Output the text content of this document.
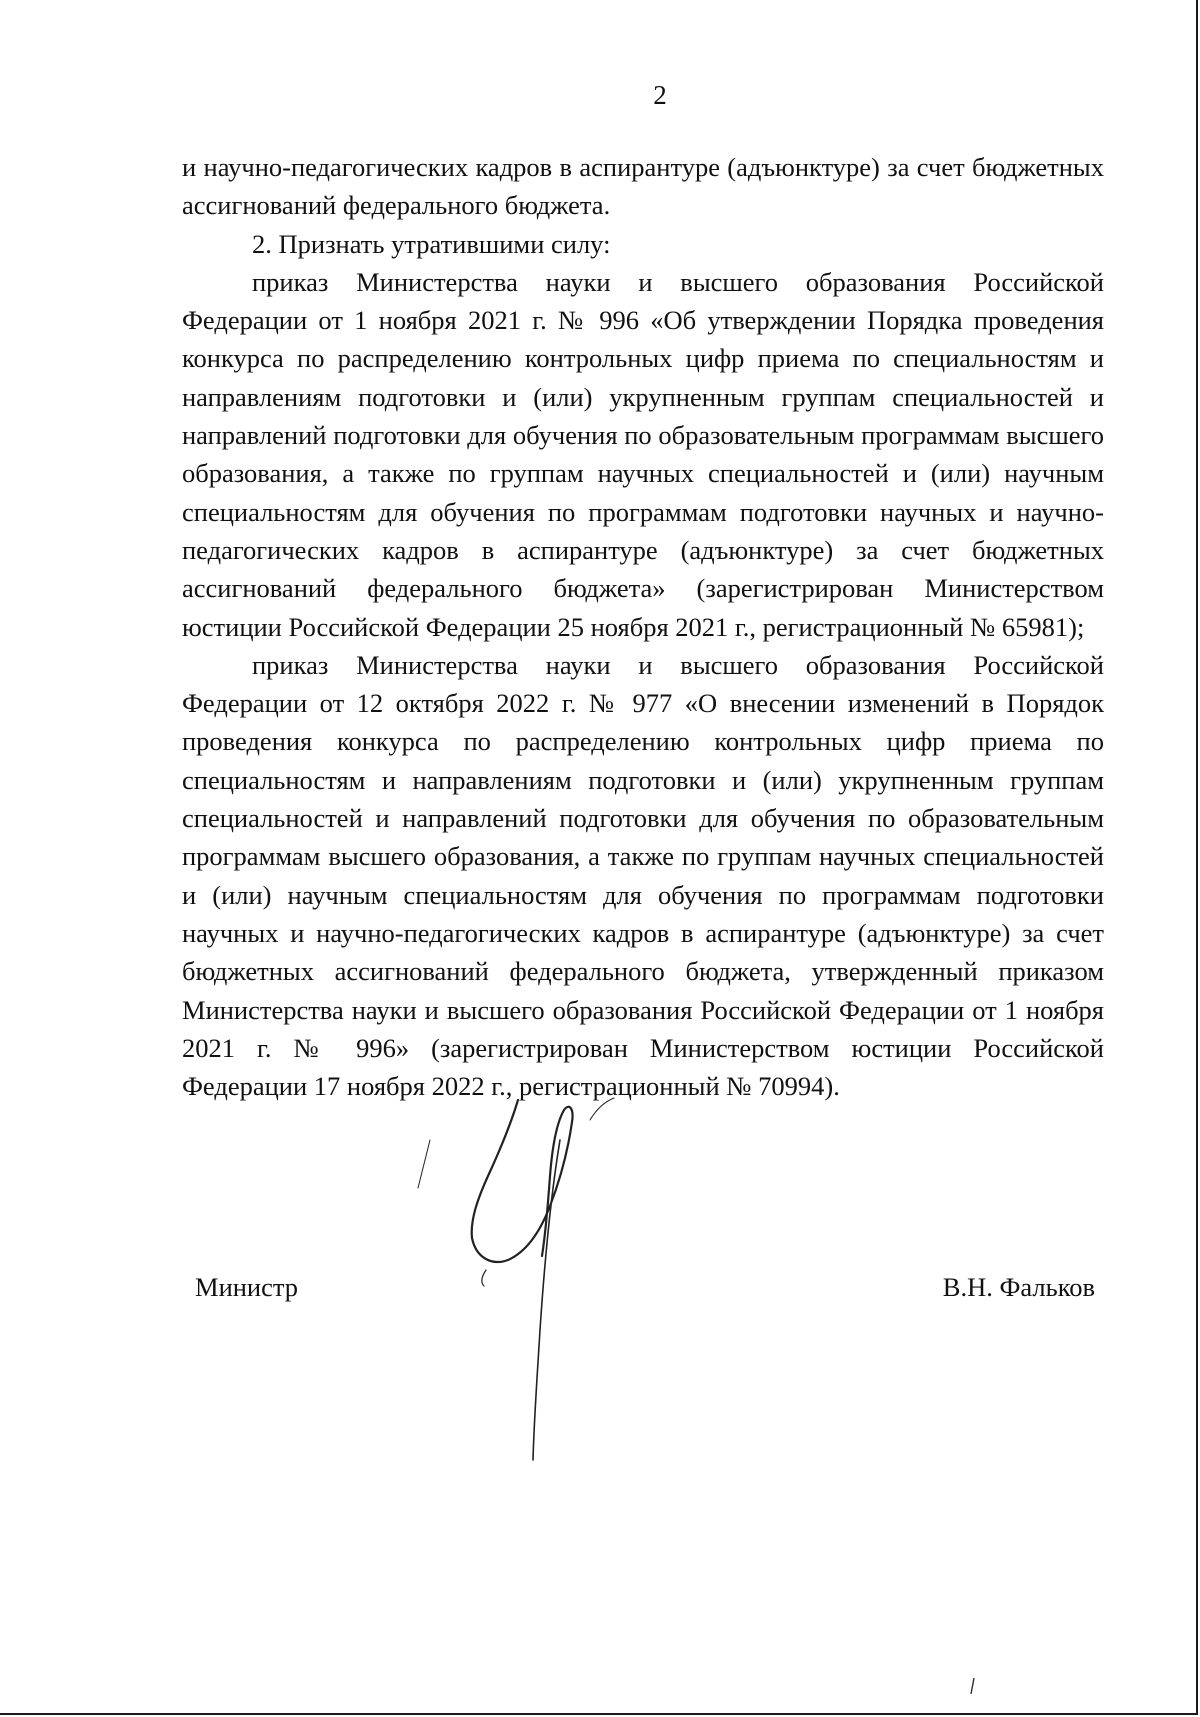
2

и научно-педагогических кадров в аспирантуре (адъюнктуре) за счет бюджетных ассигнований федерального бюджета.

2. Признать утратившими силу:

приказ Министерства науки и высшего образования Российской Федерации от 1 ноября 2021 г. № 996 «Об утверждении Порядка проведения конкурса по распределению контрольных цифр приема по специальностям и направлениям подготовки и (или) укрупненным группам специальностей и направлений подготовки для обучения по образовательным программам высшего образования, а также по группам научных специальностей и (или) научным специальностям для обучения по программам подготовки научных и научно-педагогических кадров в аспирантуре (адъюнктуре) за счет бюджетных ассигнований федерального бюджета» (зарегистрирован Министерством юстиции Российской Федерации 25 ноября 2021 г., регистрационный № 65981);

приказ Министерства науки и высшего образования Российской Федерации от 12 октября 2022 г. № 977 «О внесении изменений в Порядок проведения конкурса по распределению контрольных цифр приема по специальностям и направлениям подготовки и (или) укрупненным группам специальностей и направлений подготовки для обучения по образовательным программам высшего образования, а также по группам научных специальностей и (или) научным специальностям для обучения по программам подготовки научных и научно-педагогических кадров в аспирантуре (адъюнктуре) за счет бюджетных ассигнований федерального бюджета, утвержденный приказом Министерства науки и высшего образования Российской Федерации от 1 ноября 2021 г. № 996» (зарегистрирован Министерством юстиции Российской Федерации 17 ноября 2022 г., регистрационный № 70994).

Министр	В.Н. Фальков
